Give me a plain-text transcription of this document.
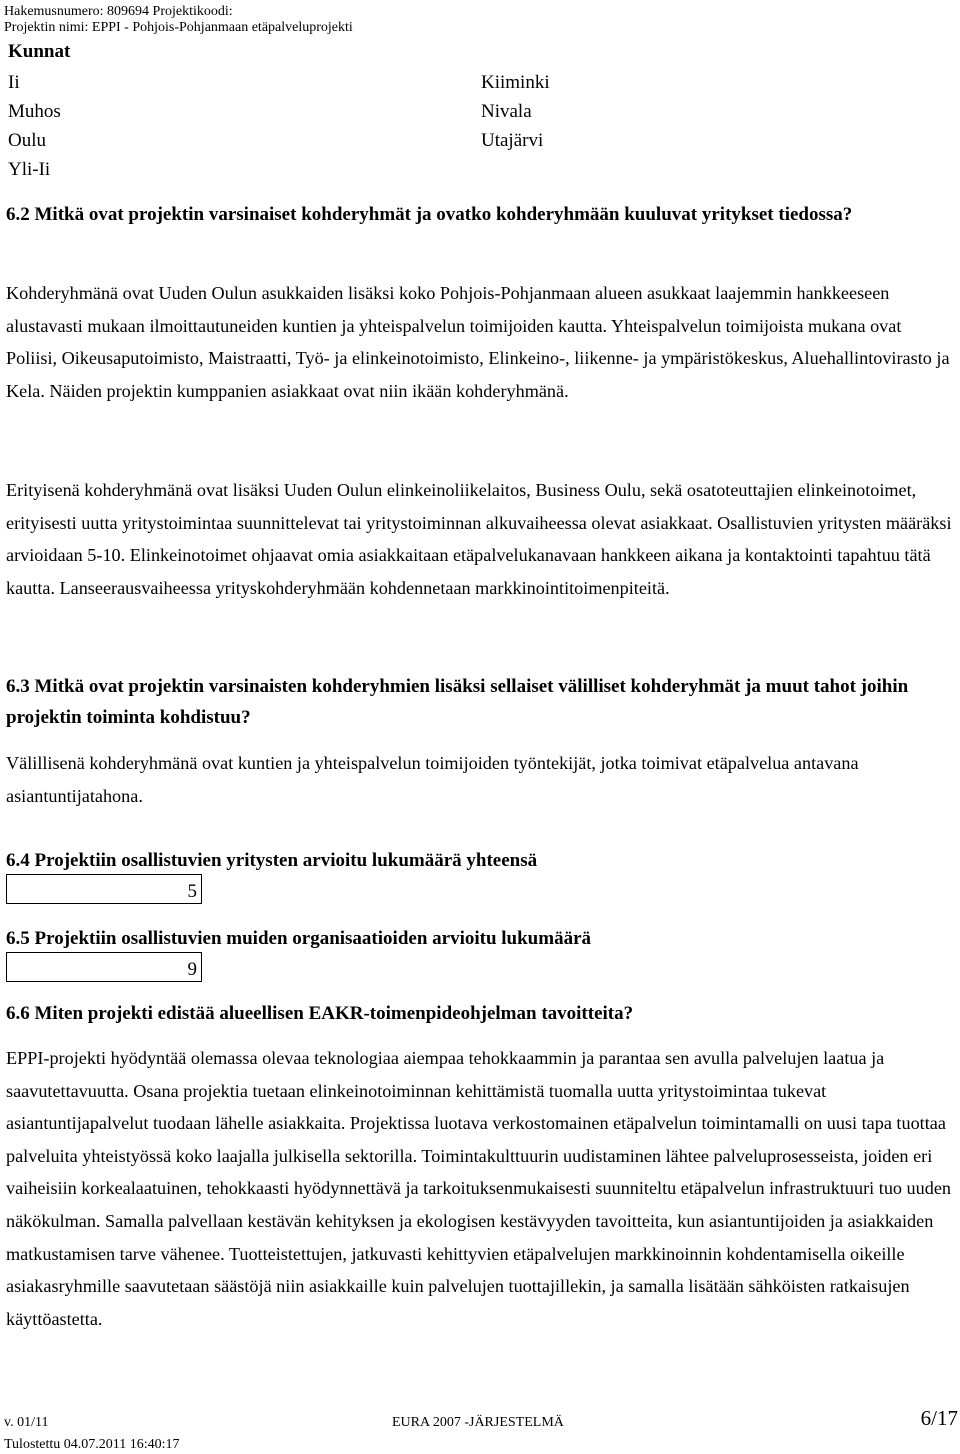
Hakemusnumero: 809694 Projektikoodi:
Projektin nimi: EPPI - Pohjois-Pohjanmaan etäpalveluprojekti
Kunnat
Ii
Muhos
Oulu
Yli-Ii
Kiiminki
Nivala
Utajärvi
6.2 Mitkä ovat projektin varsinaiset kohderyhmät ja ovatko kohderyhmään kuuluvat yritykset tiedossa?
Kohderyhmänä ovat Uuden Oulun asukkaiden lisäksi koko Pohjois-Pohjanmaan alueen asukkaat laajemmin hankkeeseen alustavasti mukaan ilmoittautuneiden kuntien ja yhteispalvelun toimijoiden kautta. Yhteispalvelun toimijoista mukana ovat Poliisi, Oikeusaputoimisto, Maistraatti, Työ- ja elinkeinotoimisto, Elinkeino-, liikenne- ja ympäristökeskus, Aluehallintovirasto ja Kela. Näiden projektin kumppanien asiakkaat ovat niin ikään kohderyhmänä.
Erityisenä kohderyhmänä ovat lisäksi Uuden Oulun elinkeinoliikelaitos, Business Oulu, sekä osatoteuttajien elinkeinotoimet, erityisesti uutta yritystoimintaa suunnittelevat tai yritystoiminnan alkuvaiheessa olevat asiakkaat. Osallistuvien yritysten määräksi arvioidaan 5-10. Elinkeinotoimet ohjaavat omia asiakkaitaan etäpalvelukanavaan hankkeen aikana ja kontaktointi tapahtuu tätä kautta. Lanseerausvaiheessa yrityskohderyhmään kohdennetaan markkinointitoimenpiteitä.
6.3 Mitkä ovat projektin varsinaisten kohderyhmien lisäksi sellaiset välilliset kohderyhmät ja muut tahot joihin projektin toiminta kohdistuu?
Välillisenä kohderyhmänä ovat kuntien ja yhteispalvelun toimijoiden työntekijät, jotka toimivat etäpalvelua antavana asiantuntijatahona.
6.4 Projektiin osallistuvien yritysten arvioitu lukumäärä yhteensä
5
6.5 Projektiin osallistuvien muiden organisaatioiden arvioitu lukumäärä
9
6.6 Miten projekti edistää alueellisen EAKR-toimenpideohjelman tavoitteita?
EPPI-projekti hyödyntää olemassa olevaa teknologiaa aiempaa tehokkaammin ja parantaa sen avulla palvelujen laatua ja saavutettavuutta. Osana projektia tuetaan elinkeinotoiminnan kehittämistä tuomalla uutta yritystoimintaa tukevat asiantuntijapalvelut tuodaan lähelle asiakkaita. Projektissa luotava verkostomainen etäpalvelun toimintamalli on uusi tapa tuottaa palveluita yhteistyössä koko laajalla julkisella sektorilla. Toimintakulttuurin uudistaminen lähtee palveluprosesseista, joiden eri vaiheisiin korkealaatuinen, tehokkaasti hyödynnettävä ja tarkoituksenmukaisesti suunniteltu etäpalvelun infrastruktuuri tuo uuden näkökulman. Samalla palvellaan kestävän kehityksen ja ekologisen kestävyyden tavoitteita, kun asiantuntijoiden ja asiakkaiden matkustamisen tarve vähenee. Tuotteistettujen, jatkuvasti kehittyvien etäpalvelujen markkinoinnin kohdentamisella oikeille asiakasryhmille saavutetaan säästöjä niin asiakkaille kuin palvelujen tuottajillekin, ja samalla lisätään sähköisten ratkaisujen käyttöastetta.
v. 01/11	EURA 2007 -JÄRJESTELMÄ	6/17
Tulostettu 04.07.2011 16:40:17
